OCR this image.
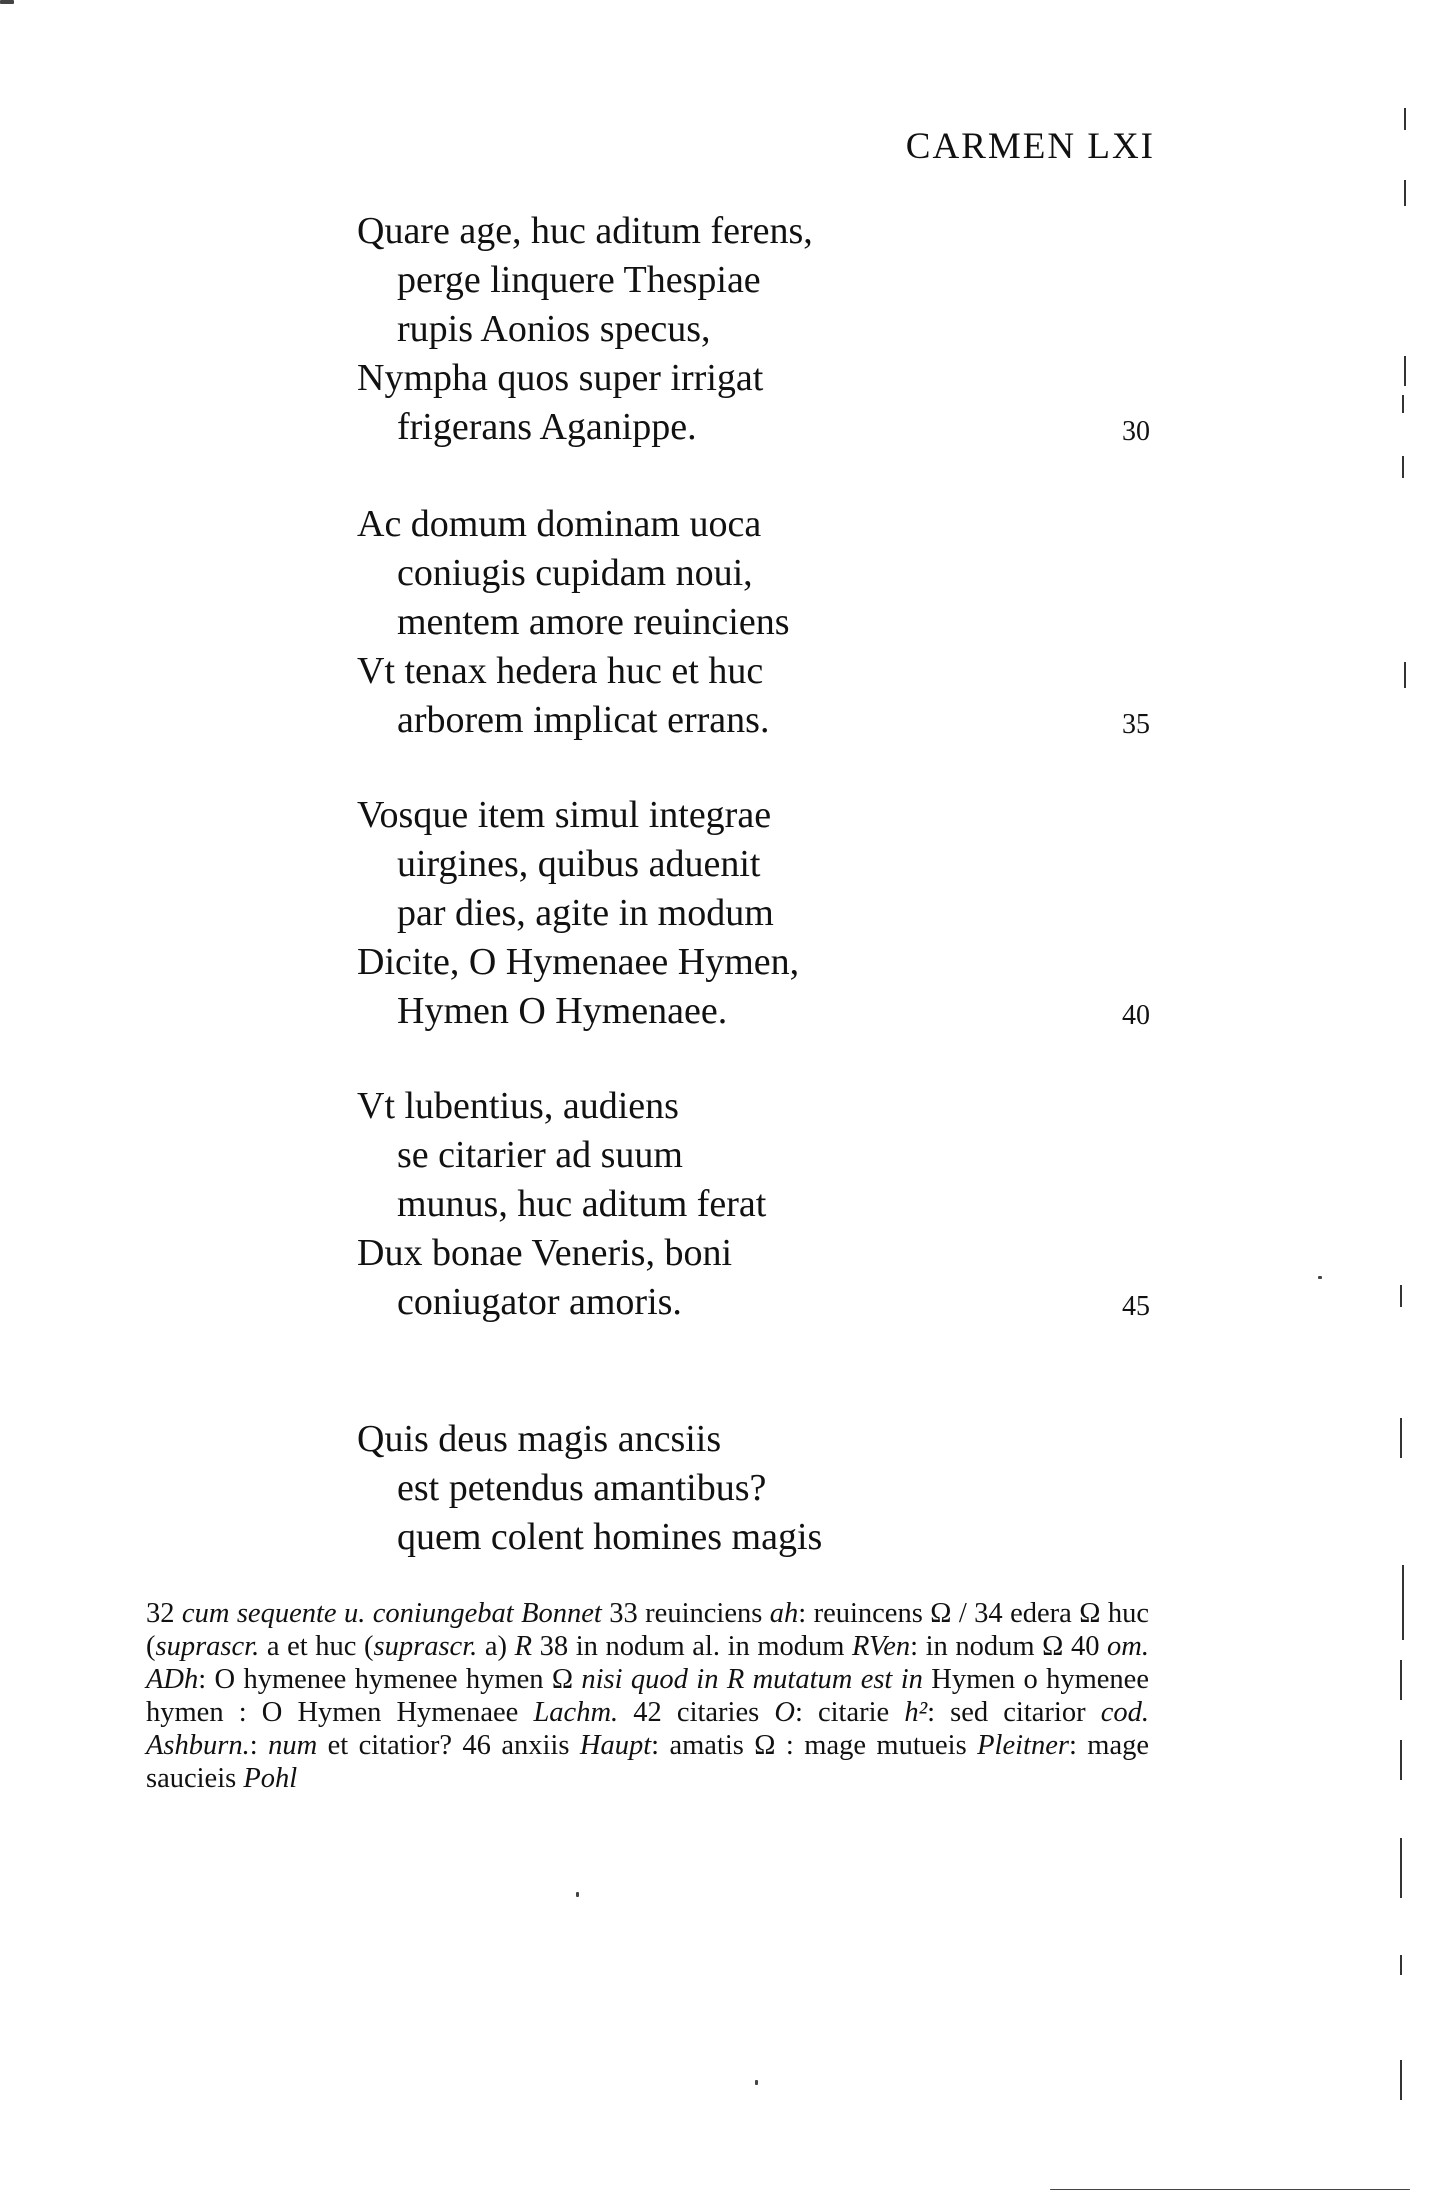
CARMEN LXI
Quare age, huc aditum ferens,
perge linquere Thespiae
rupis Aonios specus,
Nympha quos super irrigat
frigerans Aganippe.	30
Ac domum dominam uoca
coniugis cupidam noui,
mentem amore reuinciens
Vt tenax hedera huc et huc
arborem implicat errans.	35
Vosque item simul integrae
uirgines, quibus aduenit
par dies, agite in modum
Dicite, O Hymenaee Hymen,
Hymen O Hymenaee.	40
Vt lubentius, audiens
se citarier ad suum
munus, huc aditum ferat
Dux bonae Veneris, boni
coniugator amoris.	45
Quis deus magis ancsiis
est petendus amantibus?
quem colent homines magis

32 cum sequente u. coniungebat Bonnet 33 reuinciens ah: reuincens Ω / 34 edera Ω huc (suprascr. a et huc (suprascr. a) R 38 in nodum al. in modum RVen: in nodum Ω 40 om. ADh: O hymenee hymenee hymen Ω nisi quod in R mutatum est in Hymen o hymenee hymen : O Hymen Hymenaee Lachm. 42 citaries O: citarie h²: sed citarior cod. Ashburn.: num et citatior? 46 anxiis Haupt: amatis Ω : mage mutueis Pleitner: mage saucieis Pohl
